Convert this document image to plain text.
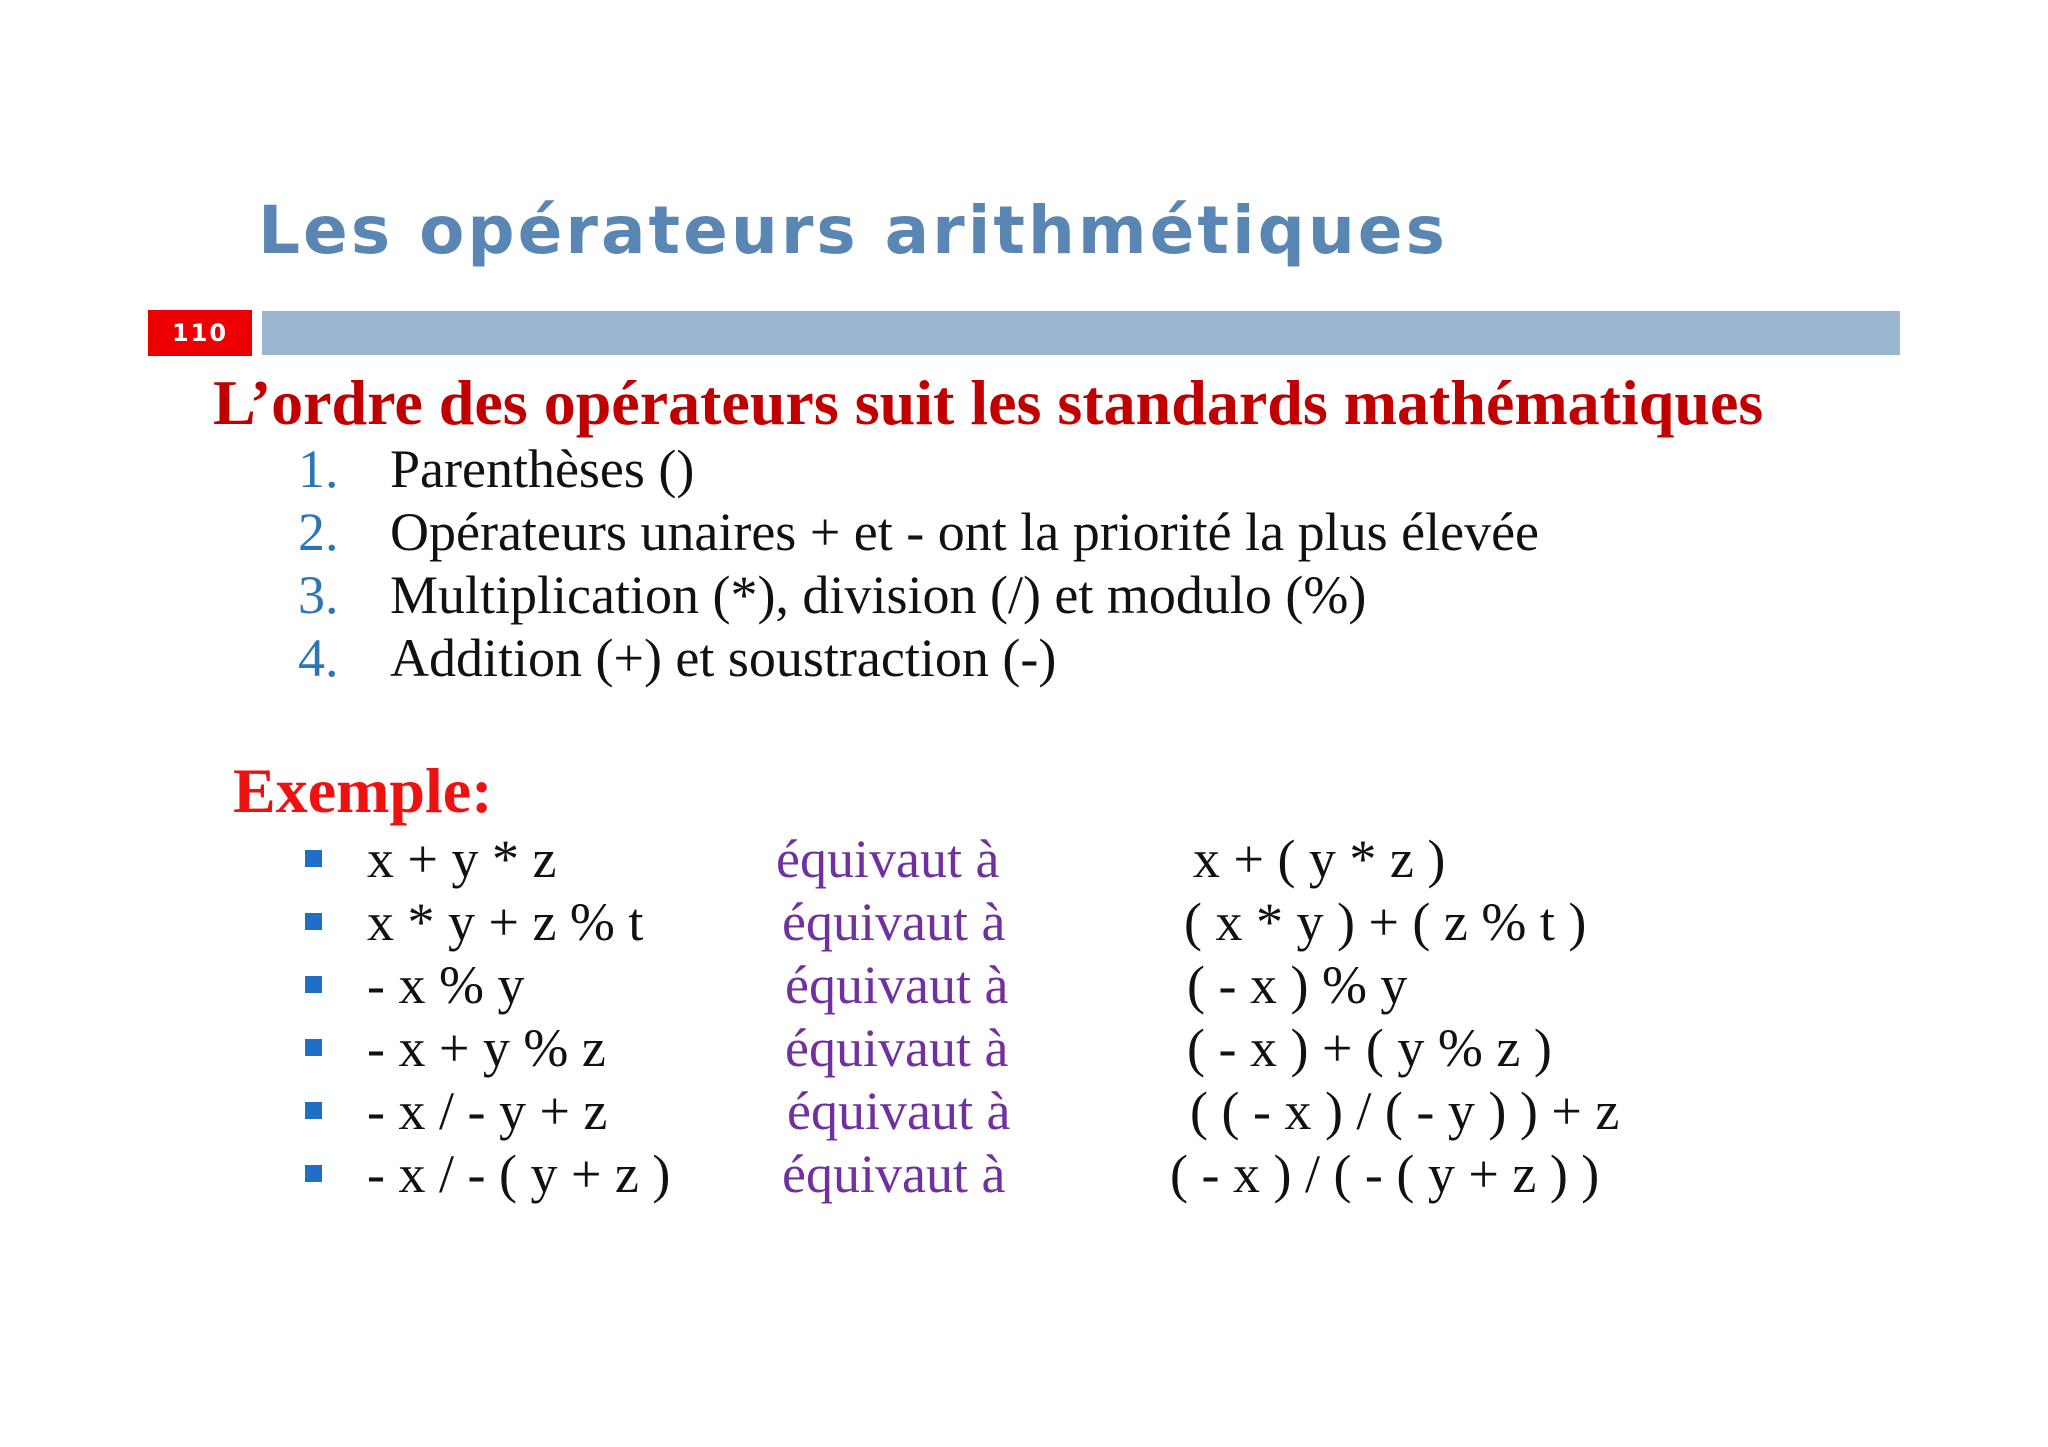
Les opérateurs arithmétiques
110
L’ordre des opérateurs suit les standards mathématiques
1. Parenthèses ()
2. Opérateurs unaires + et - ont la priorité la plus élevée
3. Multiplication (*), division (/) et modulo (%)
4. Addition (+) et soustraction (-)
Exemple:
x + y * z	équivaut à	x + ( y * z )
x * y + z % t	équivaut à	( x * y ) + ( z % t )
- x % y	équivaut à	( - x ) % y
- x + y % z	équivaut à	( - x ) + ( y % z )
- x / - y + z	équivaut à	( ( - x ) / ( - y ) ) + z
- x / - ( y + z ) équivaut à	( - x ) / ( - ( y + z ) )
